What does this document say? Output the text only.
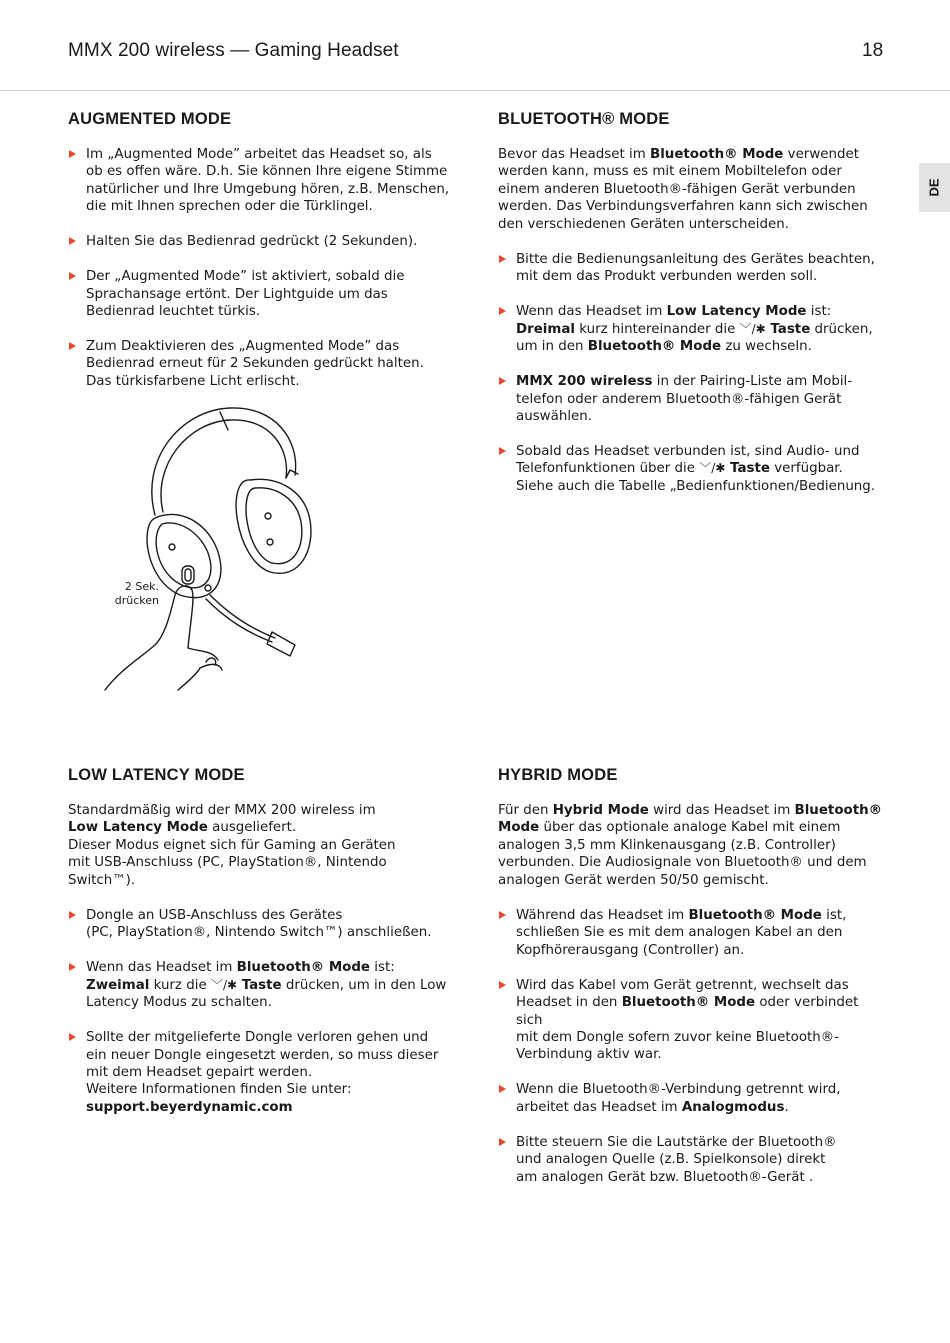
MMX 200 wireless — Gaming Headset	18
DE
AUGMENTED MODE
Im „Augmented Mode” arbeitet das Headset so, als
ob es offen wäre. D.h. Sie können Ihre eigene Stimme
natürlicher und Ihre Umgebung hören, z.B. Menschen,
die mit Ihnen sprechen oder die Türklingel.
Halten Sie das Bedienrad gedrückt (2 Sekunden).
Der „Augmented Mode” ist aktiviert, sobald die
Sprachansage ertönt. Der Lightguide um das
Bedienrad leuchtet türkis.
Zum Deaktivieren des „Augmented Mode” das
Bedienrad erneut für 2 Sekunden gedrückt halten.
Das türkisfarbene Licht erlischt.
2 Sek.
drücken
BLUETOOTH® MODE

Bevor das Headset im Bluetooth® Mode verwendet
werden kann, muss es mit einem Mobiltelefon oder
einem anderen Bluetooth®-fähigen Gerät verbunden
werden. Das Verbindungsverfahren kann sich zwischen
den verschiedenen Geräten unterscheiden.

Bitte die Bedienungsanleitung des Gerätes beachten,
mit dem das Produkt verbunden werden soll.
Wenn das Headset im Low Latency Mode ist:
Dreimal kurz hintereinander die ﹀/✱ Taste drücken,
um in den Bluetooth® Mode zu wechseln.
MMX 200 wireless in der Pairing-Liste am Mobil-
telefon oder anderem Bluetooth®-fähigen Gerät
auswählen.
Sobald das Headset verbunden ist, sind Audio- und
Telefonfunktionen über die ﹀/✱ Taste verfügbar.
Siehe auch die Tabelle „Bedienfunktionen/Bedienung.
LOW LATENCY MODE

Standardmäßig wird der MMX 200 wireless im
Low Latency Mode ausgeliefert.
Dieser Modus eignet sich für Gaming an Geräten
mit USB-Anschluss (PC, PlayStation®, Nintendo Switch™).

Dongle an USB-Anschluss des Gerätes
(PC, PlayStation®, Nintendo Switch™) anschließen.
Wenn das Headset im Bluetooth® Mode ist:
Zweimal kurz die ﹀/✱ Taste drücken, um in den Low
Latency Modus zu schalten.
Sollte der mitgelieferte Dongle verloren gehen und
ein neuer Dongle eingesetzt werden, so muss dieser
mit dem Headset gepairt werden.
Weitere Informationen finden Sie unter:
support.beyerdynamic.com
HYBRID MODE

Für den Hybrid Mode wird das Headset im Bluetooth®
Mode über das optionale analoge Kabel mit einem
analogen 3,5 mm Klinkenausgang (z.B. Controller)
verbunden. Die Audiosignale von Bluetooth® und dem
analogen Gerät werden 50/50 gemischt.

Während das Headset im Bluetooth® Mode ist,
schließen Sie es mit dem analogen Kabel an den
Kopfhörerausgang (Controller) an.
Wird das Kabel vom Gerät getrennt, wechselt das
Headset in den Bluetooth® Mode oder verbindet sich
mit dem Dongle sofern zuvor keine Bluetooth®-
Verbindung aktiv war.
Wenn die Bluetooth®-Verbindung getrennt wird,
arbeitet das Headset im Analogmodus.
Bitte steuern Sie die Lautstärke der Bluetooth®
und analogen Quelle (z.B. Spielkonsole) direkt
am analogen Gerät bzw. Bluetooth®-Gerät .
